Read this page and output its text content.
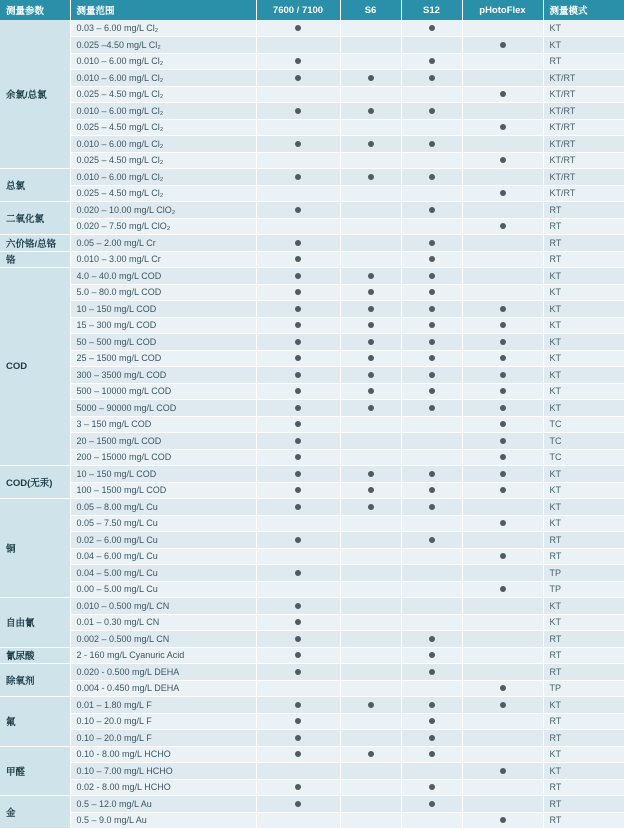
测量参数	测量范围	7600 / 7100	S6	S12	pHotoFlex	测量模式
余氯/总氯	0.03 – 6.00 mg/L Cl₂					KT
	0.025 –4.50 mg/L Cl₂					KT
	0.010 – 6.00 mg/L Cl₂					RT
	0.010 – 6.00 mg/L Cl₂					KT/RT
	0.025 – 4.50 mg/L Cl₂					KT/RT
	0.010 – 6.00 mg/L Cl₂					KT/RT
	0.025 – 4.50 mg/L Cl₂					KT/RT
	0.010 – 6.00 mg/L Cl₂					KT/RT
	0.025 – 4.50 mg/L Cl₂					KT/RT
总氯	0.010 – 6.00 mg/L Cl₂					KT/RT
	0.025 – 4.50 mg/L Cl₂					KT/RT
二氧化氯	0.020 – 10.00 mg/L ClO₂					RT
	0.020 – 7.50 mg/L ClO₂					RT
六价铬/总铬	0.05 – 2.00 mg/L Cr					RT
铬	0.010 – 3.00 mg/L Cr					RT
COD	4.0 – 40.0 mg/L COD					KT
	5.0 – 80.0 mg/L COD					KT
	10 – 150 mg/L COD					KT
	15 – 300 mg/L COD					KT
	50 – 500 mg/L COD					KT
	25 – 1500 mg/L COD					KT
	300 – 3500 mg/L COD					KT
	500 – 10000 mg/L COD					KT
	5000 – 90000 mg/L COD					KT
	3 – 150 mg/L COD					TC
	20 – 1500 mg/L COD					TC
	200 – 15000 mg/L COD					TC
COD(无汞)	10 – 150 mg/L COD					KT
	100 – 1500 mg/L COD					KT
铜	0.05 – 8.00 mg/L Cu					KT
	0.05 – 7.50 mg/L Cu					KT
	0.02 – 6.00 mg/L Cu					RT
	0.04 – 6.00 mg/L Cu					RT
	0.04 – 5.00 mg/L Cu					TP
	0.00 – 5.00 mg/L Cu					TP
自由氰	0.010 – 0.500 mg/L CN					KT
	0.01 – 0.30 mg/L CN					KT
	0.002 – 0.500 mg/L CN					RT
氰尿酸	2 - 160 mg/L Cyanuric Acid					RT
除氧剂	0.020 - 0.500 mg/L DEHA					RT
	0.004 - 0.450 mg/L DEHA					TP
氟	0.01 – 1.80 mg/L F					KT
	0.10 – 20.0 mg/L F					RT
	0.10 – 20.0 mg/L F					RT
甲醛	0.10 - 8.00 mg/L HCHO					KT
	0.10 – 7.00 mg/L HCHO					KT
	0.02 - 8.00 mg/L HCHO					RT
金	0.5 – 12.0 mg/L Au					RT
	0.5 – 9.0 mg/L Au					RT
